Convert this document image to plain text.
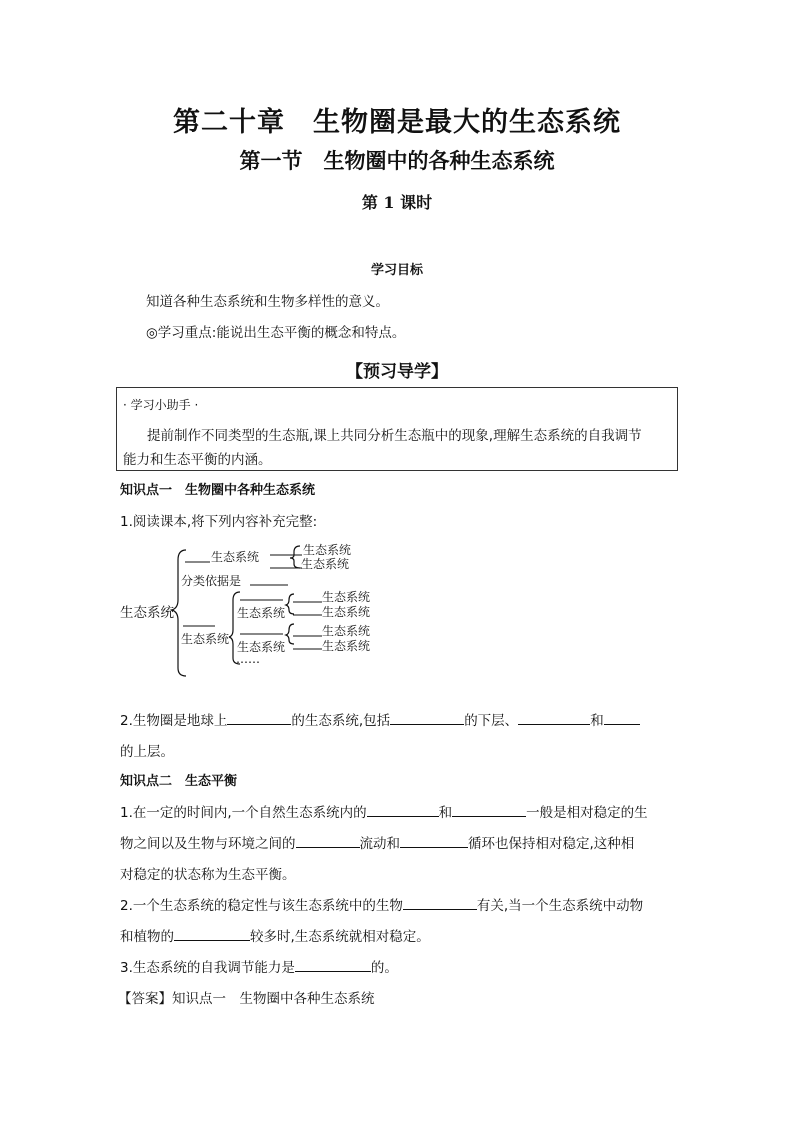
第二十章　生物圈是最大的生态系统
第一节　生物圈中的各种生态系统
第 1 课时
学习目标
知道各种生态系统和生物多样性的意义。
◎学习重点:能说出生态平衡的概念和特点。
【预习导学】
· 学习小助手 ·
提前制作不同类型的生态瓶,课上共同分析生态瓶中的现象,理解生态系统的自我调节
能力和生态平衡的内涵。
知识点一　生物圈中各种生态系统
1.阅读课本,将下列内容补充完整:
生态系统
生态系统	生态系统
生态系统
分类依据是
生态系统
生态系统
生态系统
生态系统
生态系统
生态系统
生态系统
……
2.生物圈是地球上	的生态系统,包括	的下层、	和
的上层。
知识点二　生态平衡
1.在一定的时间内,一个自然生态系统内的	和	一般是相对稳定的生
物之间以及生物与环境之间的	流动和	循环也保持相对稳定,这种相
对稳定的状态称为生态平衡。
2.一个生态系统的稳定性与该生态系统中的生物	有关,当一个生态系统中动物
和植物的	较多时,生态系统就相对稳定。
3.生态系统的自我调节能力是	的。
【答案】知识点一　生物圈中各种生态系统
